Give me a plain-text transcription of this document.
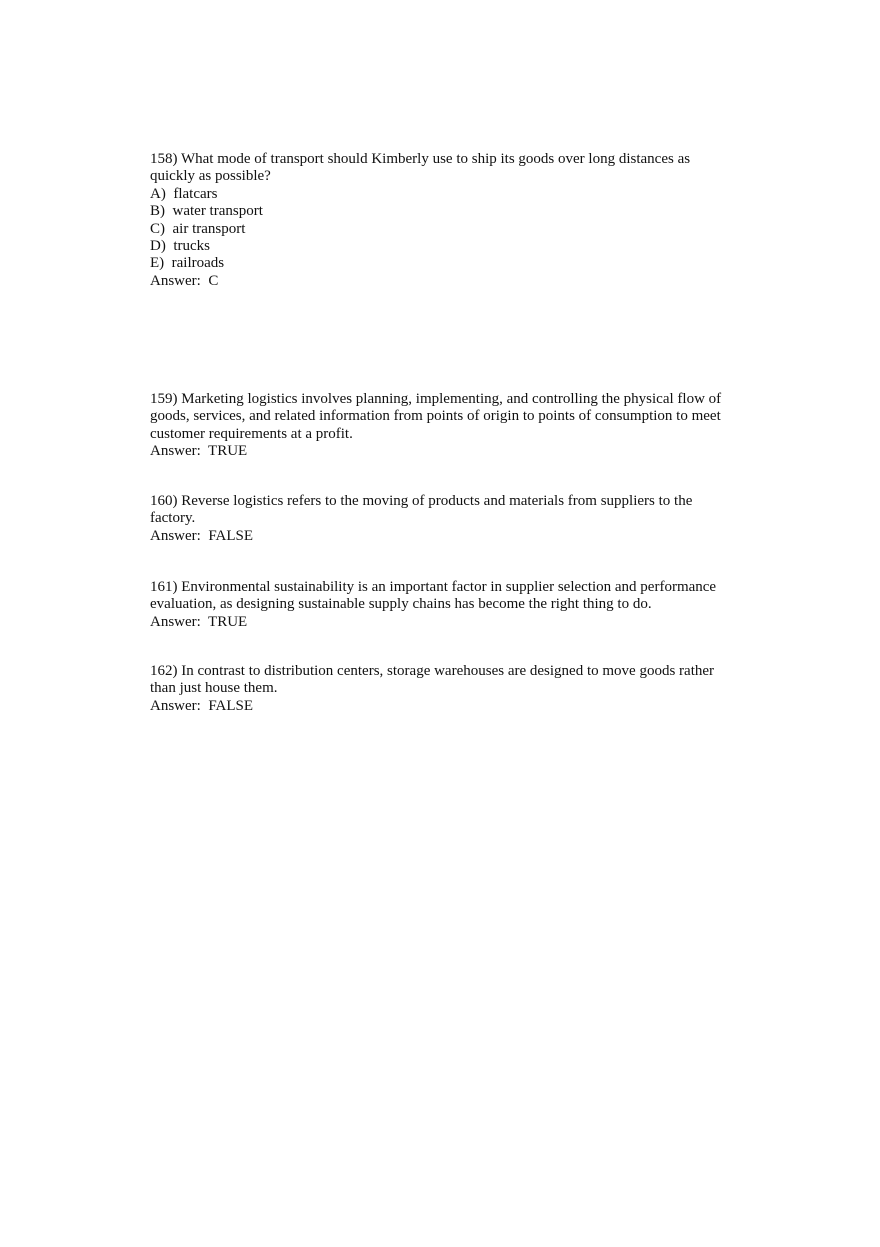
158) What mode of transport should Kimberly use to ship its goods over long distances as quickly as possible?
A)  flatcars
B)  water transport
C)  air transport
D)  trucks
E)  railroads
Answer:  C
159) Marketing logistics involves planning, implementing, and controlling the physical flow of goods, services, and related information from points of origin to points of consumption to meet customer requirements at a profit.
Answer:  TRUE
160) Reverse logistics refers to the moving of products and materials from suppliers to the factory.
Answer:  FALSE
161) Environmental sustainability is an important factor in supplier selection and performance evaluation, as designing sustainable supply chains has become the right thing to do.
Answer:  TRUE
162) In contrast to distribution centers, storage warehouses are designed to move goods rather than just house them.
Answer:  FALSE
